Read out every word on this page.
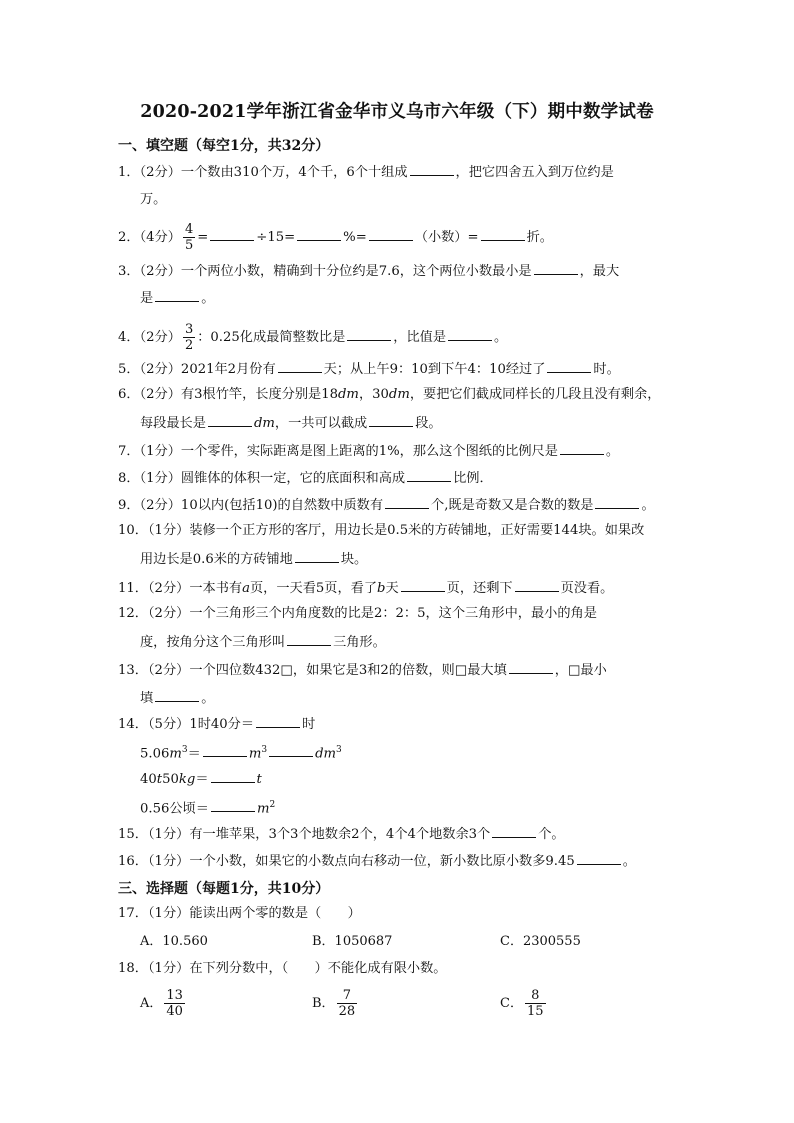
2020-2021学年浙江省金华市义乌市六年级（下）期中数学试卷
一、填空题（每空1分，共32分）
1．（2分）一个数由310个万，4个千，6个十组成	，把它四舍五入到万位约是
万。
2．（4分） $\frac{4}{5}$ =	÷15=	%=	（小数）=	折。
3．（2分）一个两位小数，精确到十分位约是7.6，这个两位小数最小是	，最大
是	。
4．（2分） $\frac{3}{2}$ ：0.25化成最简整数比是	，比值是	。
5．（2分）2021年2月份有	天；从上午9：10到下午4：10经过了	时。
6．（2分）有3根竹竿，长度分别是18dm，30dm，要把它们截成同样长的几段且没有剩余，
每段最长是	dm，一共可以截成	段。
7．（1分）一个零件，实际距离是图上距离的1%，那么这个图纸的比例尺是	。
8．（1分）圆锥体的体积一定，它的底面积和高成	比例．
9．（2分）10以内(包括10)的自然数中质数有	个,既是奇数又是合数的数是	。
10．（1分）装修一个正方形的客厅，用边长是0.5米的方砖铺地，正好需要144块。如果改
用边长是0.6米的方砖铺地	块。
11．（2分）一本书有a页，一天看5页，看了b天	页，还剩下	页没看。
12．（2分）一个三角形三个内角度数的比是2：2：5，这个三角形中，最小的角是
度，按角分这个三角形叫	三角形。
13．（2分）一个四位数432□，如果它是3和2的倍数，则□最大填	，□最小
填	。
14．（5分）1时40分＝	时
$5.06m^3=$	$m^3$	$dm^3$
40t50kg＝	t
0.56公顷＝	$m^2$
15．（1分）有一堆苹果，3个3个地数余2个，4个4个地数余3个	个。
16．（1分）一个小数，如果它的小数点向右移动一位，新小数比原小数多9.45	。
三、选择题（每题1分，共10分）
17．（1分）能读出两个零的数是（　　）
A．10.560	B．1050687	C．2300555
18．（1分）在下列分数中，（　　）不能化成有限小数。
A． $\frac{13}{40}$	B． $\frac{7}{28}$	C． $\frac{8}{15}$
